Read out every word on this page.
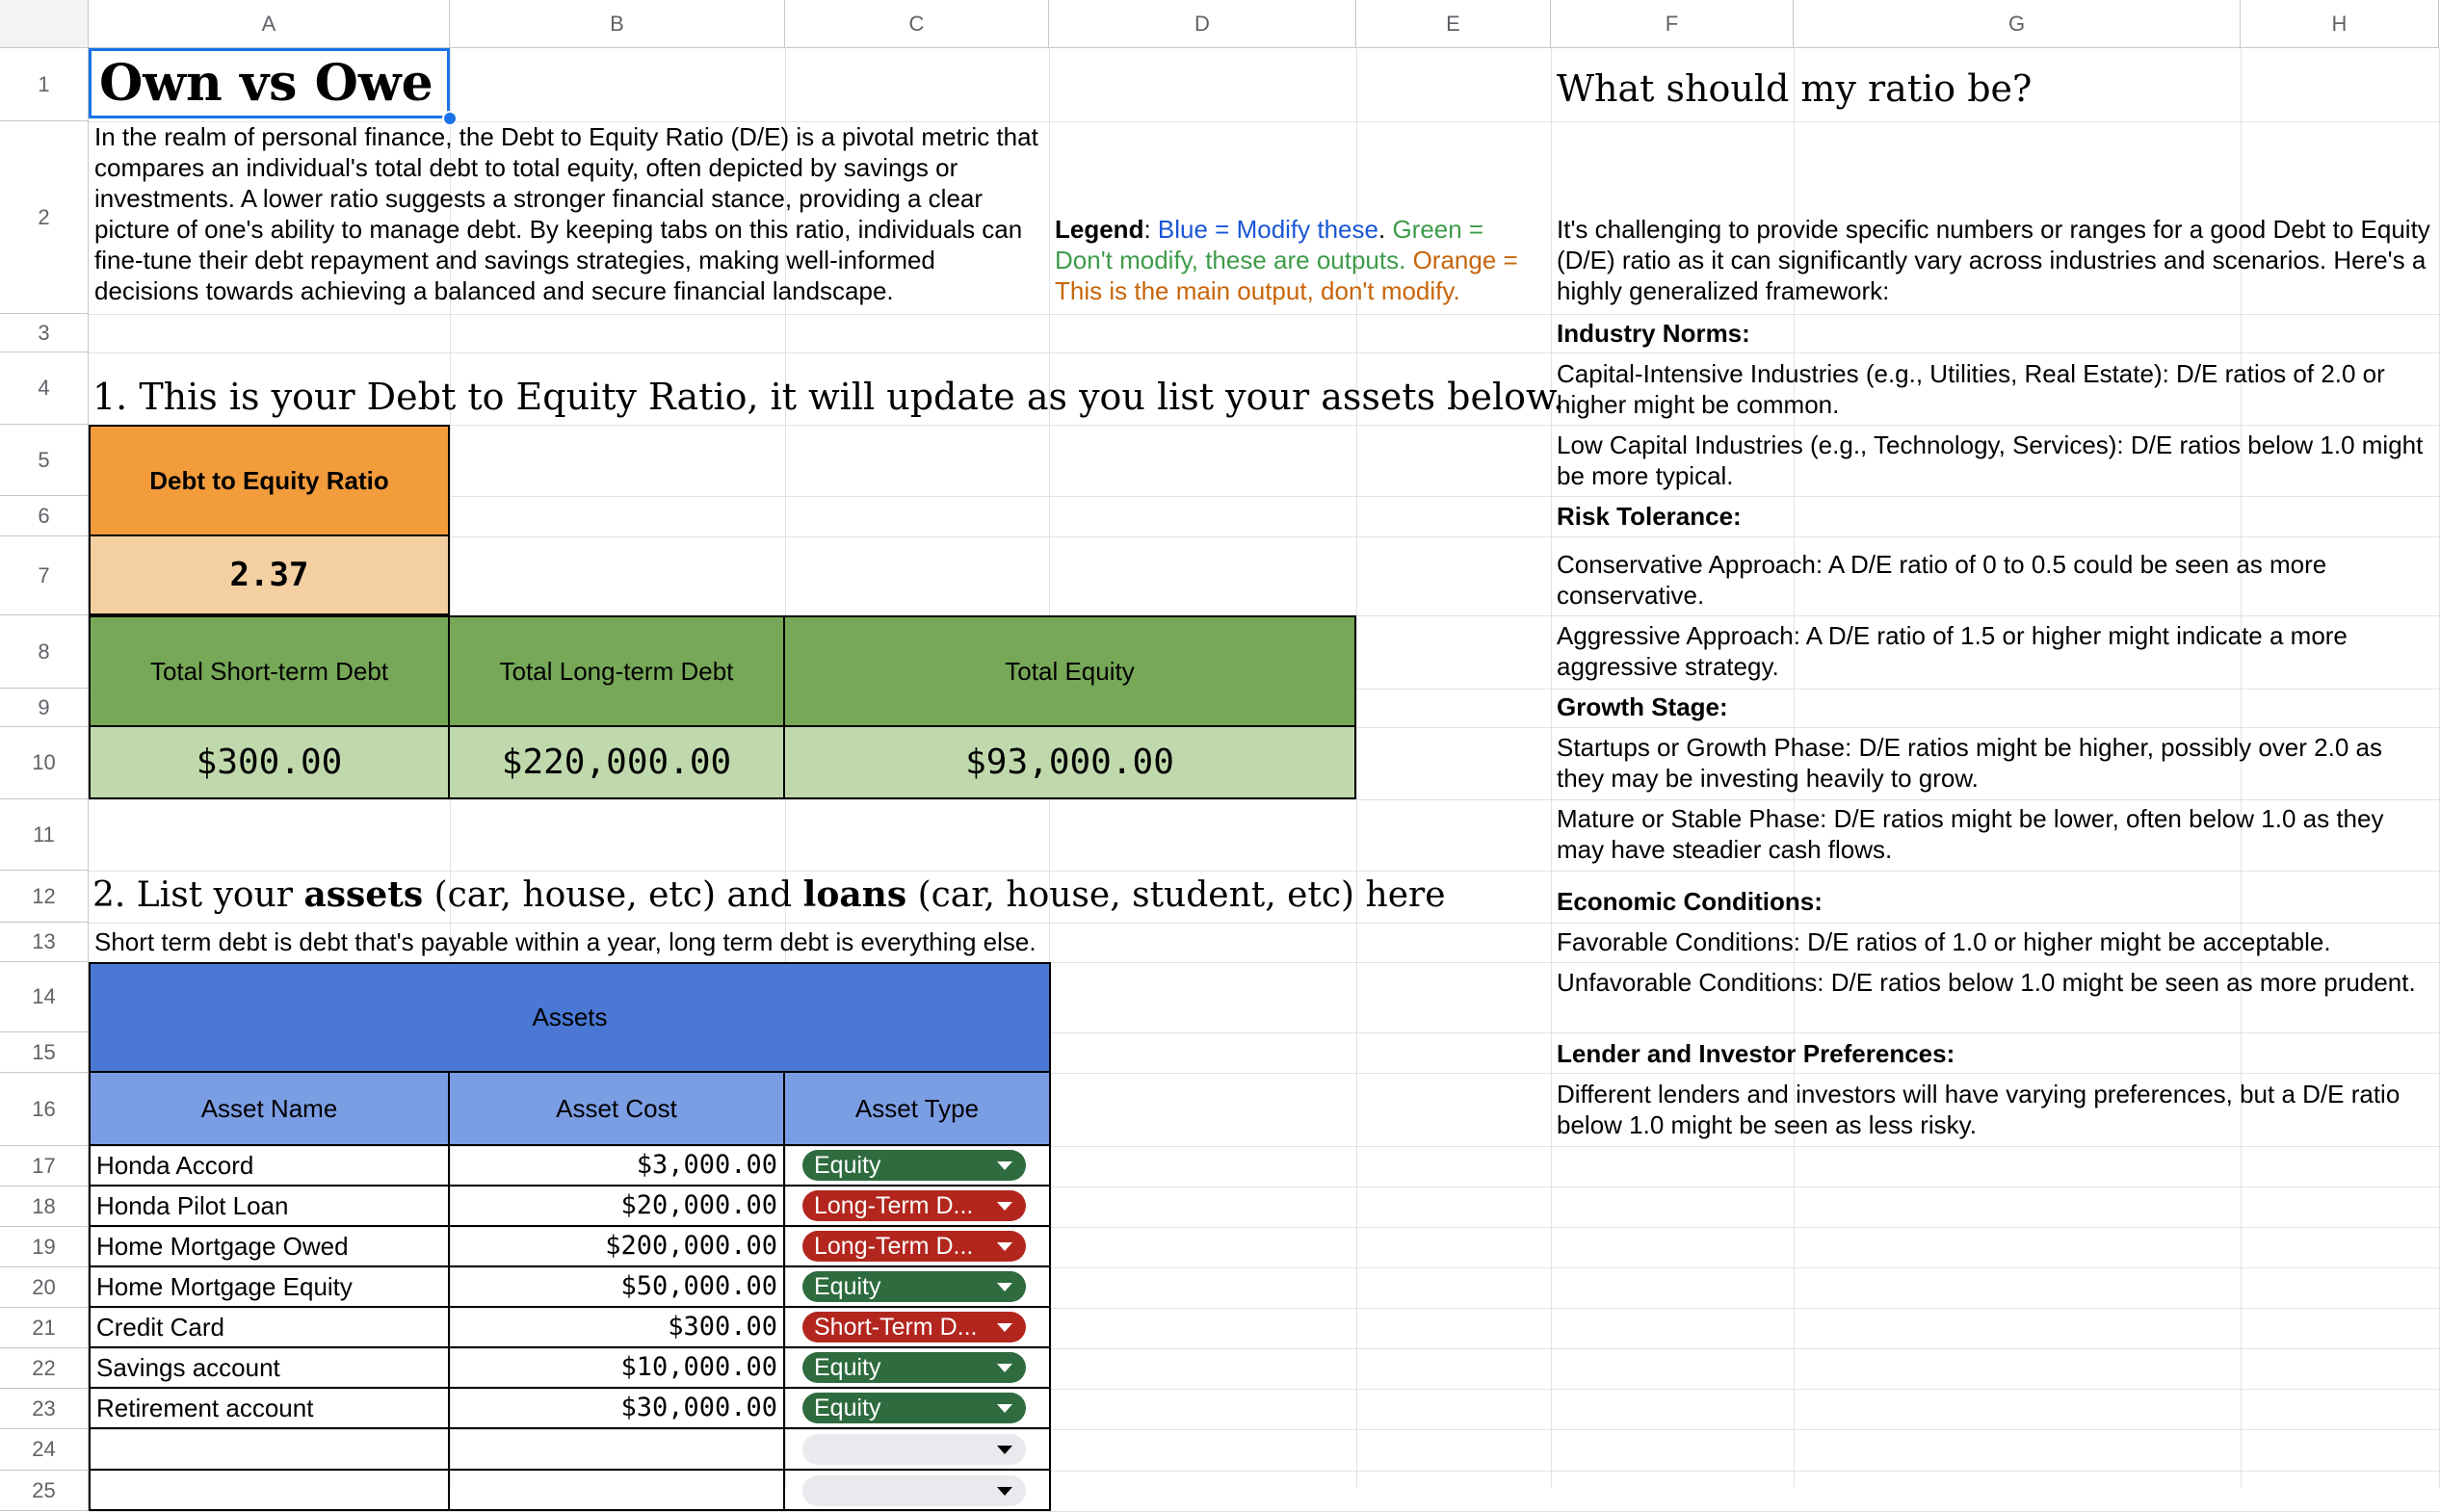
A	B	C	D	E	F	G	H
1
2
3
4
5
6
7
8
9
10
11
12
13
14
15
16
17
18
19
20
21
22
23
24
25
Own vs Owe	What should my ratio be?
In the realm of personal finance, the Debt to Equity Ratio (D/E) is a pivotal metric that compares an individual's total debt to total equity, often depicted by savings or investments. A lower ratio suggests a stronger financial stance, providing a clear picture of one's ability to manage debt. By keeping tabs on this ratio, individuals can fine-tune their debt repayment and savings strategies, making well-informed decisions towards achieving a balanced and secure financial landscape.
Legend: Blue = Modify these. Green = Don't modify, these are outputs. Orange = This is the main output, don't modify.
It's challenging to provide specific numbers or ranges for a good Debt to Equity (D/E) ratio as it can significantly vary across industries and scenarios. Here's a highly generalized framework:
Industry Norms:
Capital-Intensive Industries (e.g., Utilities, Real Estate): D/E ratios of 2.0 or higher might be common.
Low Capital Industries (e.g., Technology, Services): D/E ratios below 1.0 might be more typical.
Risk Tolerance:
Conservative Approach: A D/E ratio of 0 to 0.5 could be seen as more conservative.
Aggressive Approach: A D/E ratio of 1.5 or higher might indicate a more aggressive strategy.
Growth Stage:
Startups or Growth Phase: D/E ratios might be higher, possibly over 2.0 as they may be investing heavily to grow.
Mature or Stable Phase: D/E ratios might be lower, often below 1.0 as they may have steadier cash flows.
Economic Conditions:
Favorable Conditions: D/E ratios of 1.0 or higher might be acceptable.
Unfavorable Conditions: D/E ratios below 1.0 might be seen as more prudent.
Lender and Investor Preferences:
Different lenders and investors will have varying preferences, but a D/E ratio below 1.0 might be seen as less risky.
1. This is your Debt to Equity Ratio, it will update as you list your assets below.
Debt to Equity Ratio
2.37
Total Short-term Debt	Total Long-term Debt	Total Equity
$300.00	$220,000.00	$93,000.00
2. List your assets (car, house, etc) and loans (car, house, student, etc) here
Short term debt is debt that's payable within a year, long term debt is everything else.
Assets
Asset Name	Asset Cost	Asset Type
Honda Accord	$3,000.00	Equity
Honda Pilot Loan	$20,000.00	Long-Term D...
Home Mortgage Owed	$200,000.00	Long-Term D...
Home Mortgage Equity	$50,000.00	Equity
Credit Card	$300.00	Short-Term D...
Savings account	$10,000.00	Equity
Retirement account	$30,000.00	Equity
